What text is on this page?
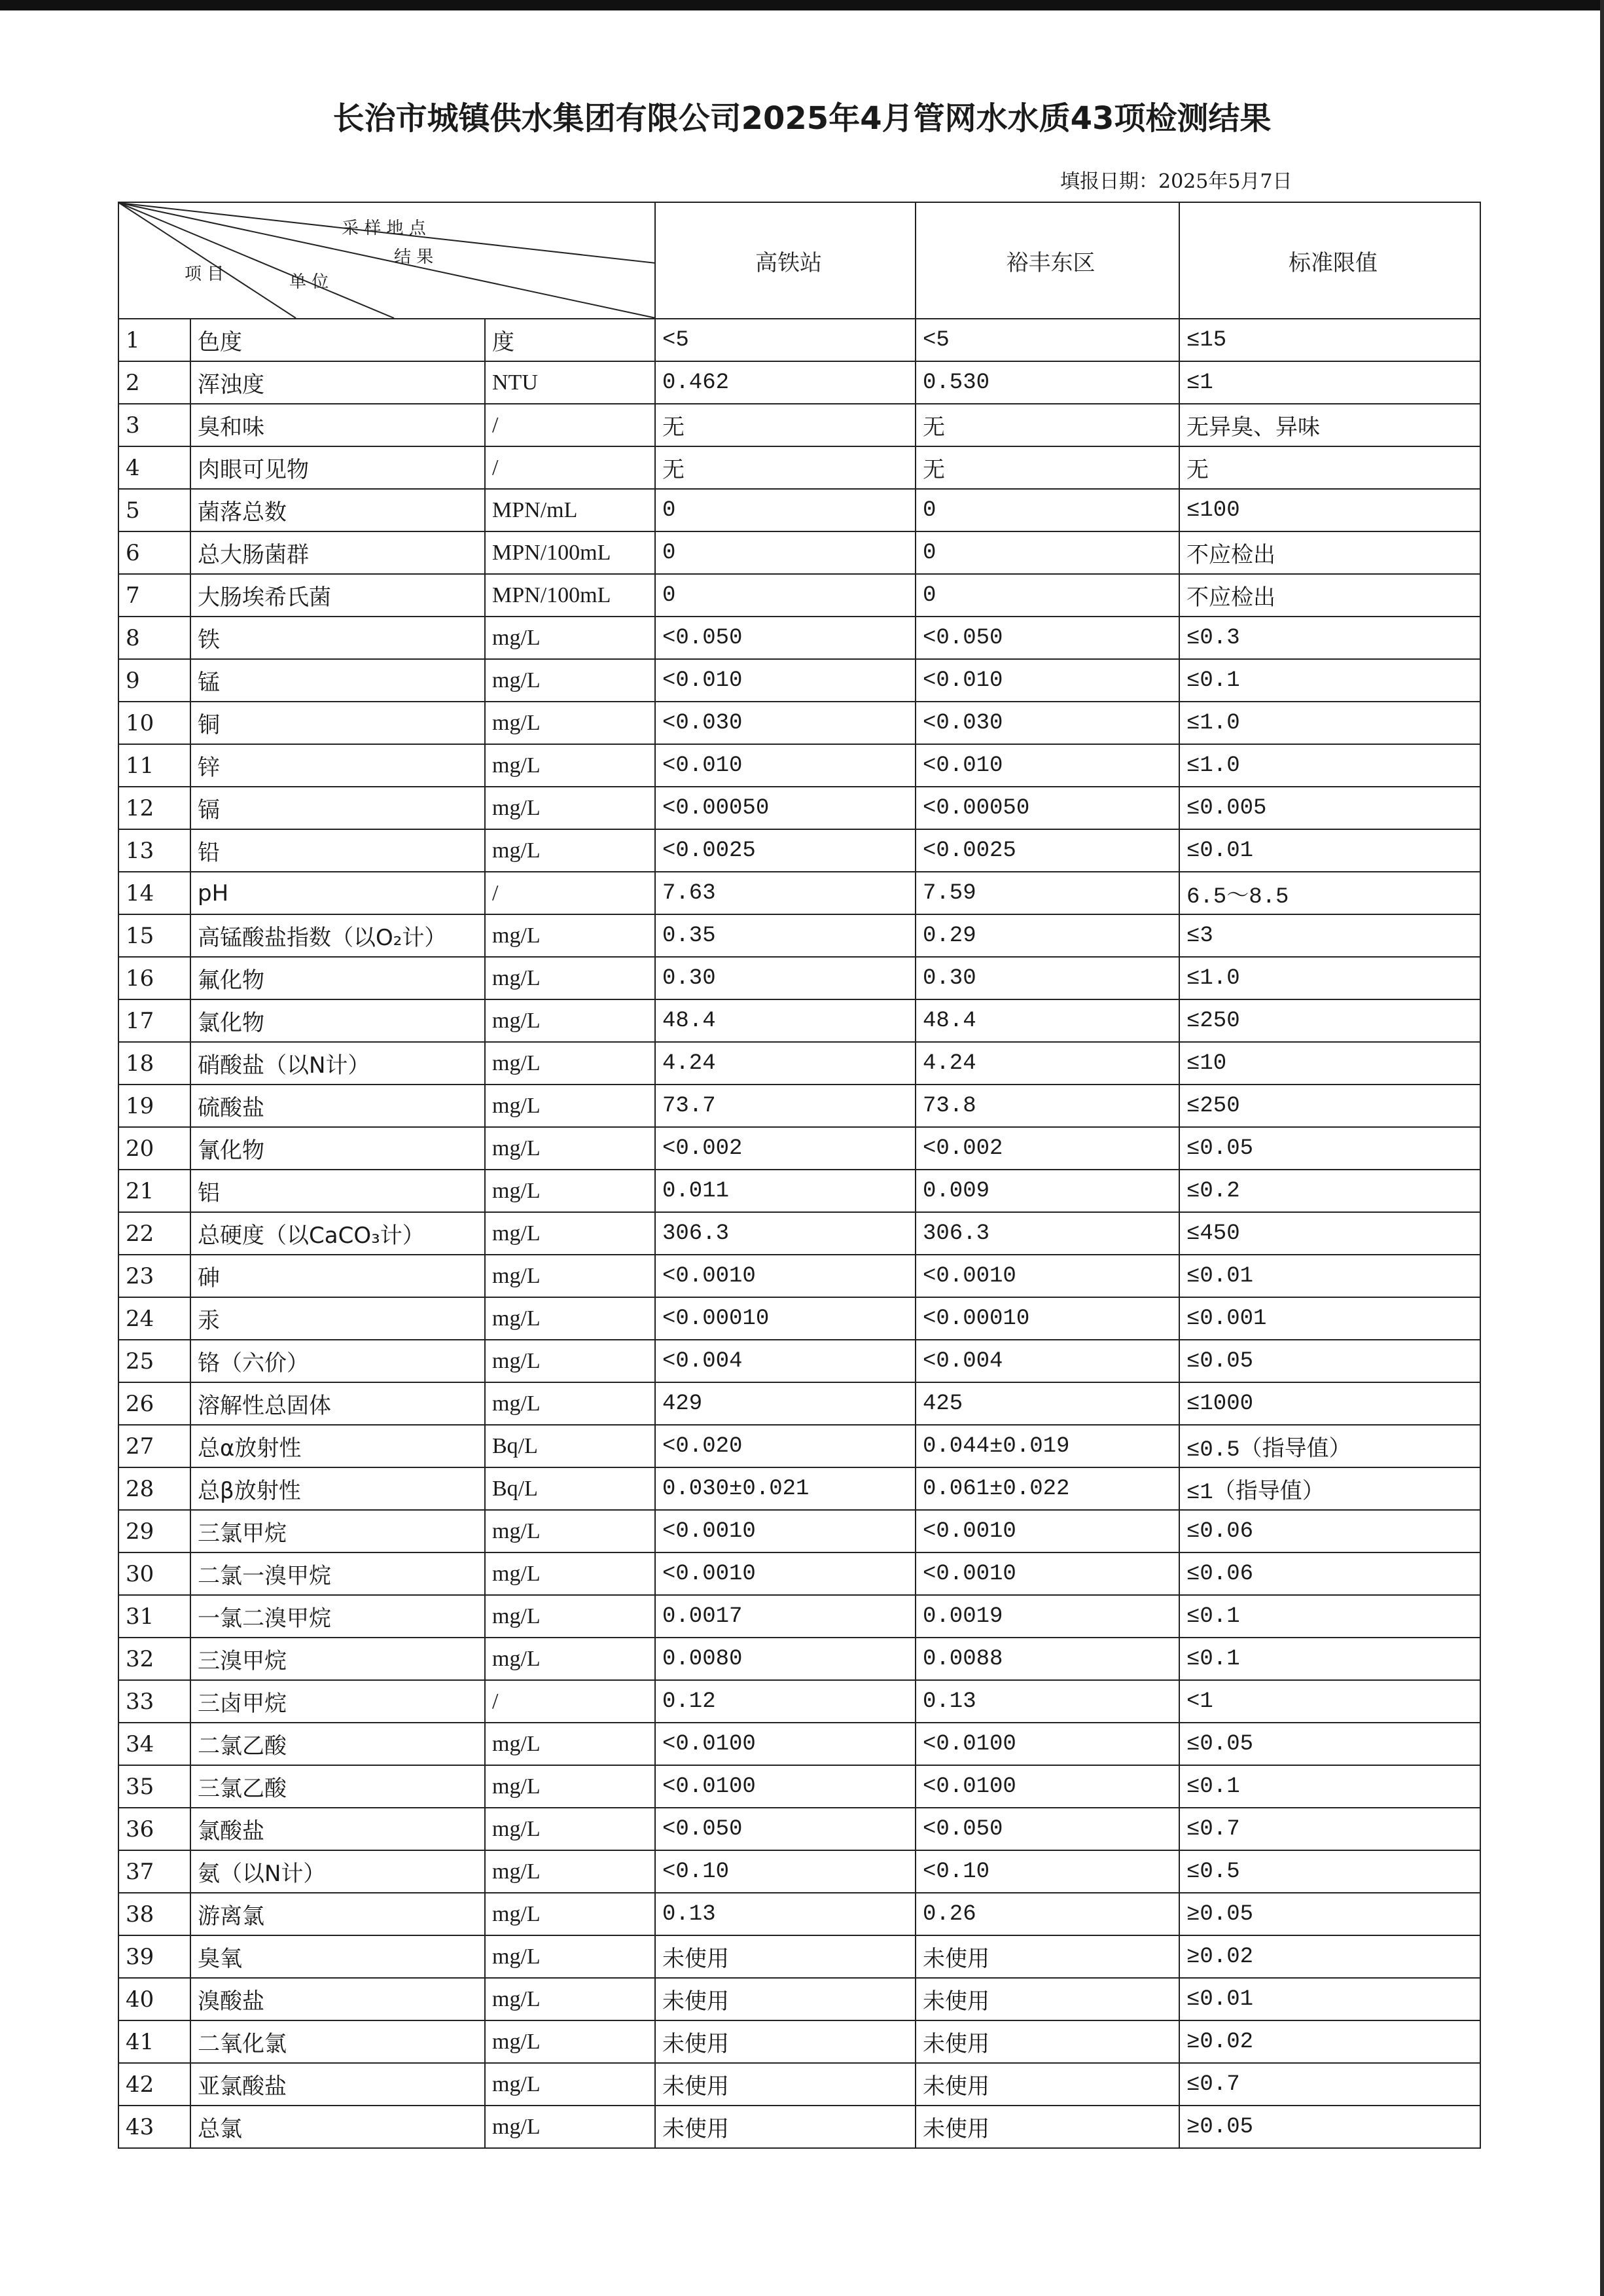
长治市城镇供水集团有限公司2025年4月管网水水质43项检测结果
填报日期：2025年5月7日
采 样 地 点
结 果
单 位
项 目			高铁站	裕丰东区	标准限值
1	色度	度	<5	<5	≤15
2	浑浊度	NTU	0.462	0.530	≤1
3	臭和味	/	无	无	无异臭、异味
4	肉眼可见物	/	无	无	无
5	菌落总数	MPN/mL	0	0	≤100
6	总大肠菌群	MPN/100mL	0	0	不应检出
7	大肠埃希氏菌	MPN/100mL	0	0	不应检出
8	铁	mg/L	<0.050	<0.050	≤0.3
9	锰	mg/L	<0.010	<0.010	≤0.1
10	铜	mg/L	<0.030	<0.030	≤1.0
11	锌	mg/L	<0.010	<0.010	≤1.0
12	镉	mg/L	<0.00050	<0.00050	≤0.005
13	铅	mg/L	<0.0025	<0.0025	≤0.01
14	pH	/	7.63	7.59	6.5～8.5
15	高锰酸盐指数（以O₂计）	mg/L	0.35	0.29	≤3
16	氟化物	mg/L	0.30	0.30	≤1.0
17	氯化物	mg/L	48.4	48.4	≤250
18	硝酸盐（以N计）	mg/L	4.24	4.24	≤10
19	硫酸盐	mg/L	73.7	73.8	≤250
20	氰化物	mg/L	<0.002	<0.002	≤0.05
21	铝	mg/L	0.011	0.009	≤0.2
22	总硬度（以CaCO₃计）	mg/L	306.3	306.3	≤450
23	砷	mg/L	<0.0010	<0.0010	≤0.01
24	汞	mg/L	<0.00010	<0.00010	≤0.001
25	铬（六价）	mg/L	<0.004	<0.004	≤0.05
26	溶解性总固体	mg/L	429	425	≤1000
27	总α放射性	Bq/L	<0.020	0.044±0.019	≤0.5（指导值）
28	总β放射性	Bq/L	0.030±0.021	0.061±0.022	≤1（指导值）
29	三氯甲烷	mg/L	<0.0010	<0.0010	≤0.06
30	二氯一溴甲烷	mg/L	<0.0010	<0.0010	≤0.06
31	一氯二溴甲烷	mg/L	0.0017	0.0019	≤0.1
32	三溴甲烷	mg/L	0.0080	0.0088	≤0.1
33	三卤甲烷	/	0.12	0.13	<1
34	二氯乙酸	mg/L	<0.0100	<0.0100	≤0.05
35	三氯乙酸	mg/L	<0.0100	<0.0100	≤0.1
36	氯酸盐	mg/L	<0.050	<0.050	≤0.7
37	氨（以N计）	mg/L	<0.10	<0.10	≤0.5
38	游离氯	mg/L	0.13	0.26	≥0.05
39	臭氧	mg/L	未使用	未使用	≥0.02
40	溴酸盐	mg/L	未使用	未使用	≤0.01
41	二氧化氯	mg/L	未使用	未使用	≥0.02
42	亚氯酸盐	mg/L	未使用	未使用	≤0.7
43	总氯	mg/L	未使用	未使用	≥0.05
